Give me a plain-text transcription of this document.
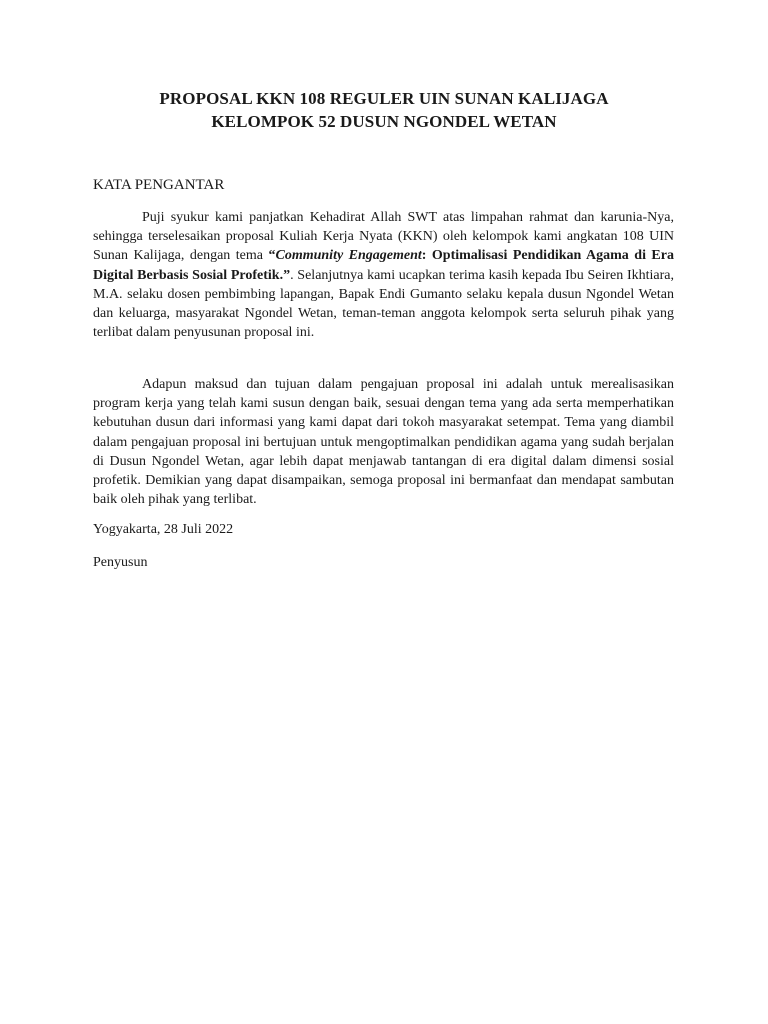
PROPOSAL KKN 108 REGULER UIN SUNAN KALIJAGA
KELOMPOK 52 DUSUN NGONDEL WETAN
KATA PENGANTAR

Puji syukur kami panjatkan Kehadirat Allah SWT atas limpahan rahmat dan karunia-Nya, sehingga terselesaikan proposal Kuliah Kerja Nyata (KKN) oleh kelompok kami angkatan 108 UIN Sunan Kalijaga, dengan tema “Community Engagement: Optimalisasi Pendidikan Agama di Era Digital Berbasis Sosial Profetik.”. Selanjutnya kami ucapkan terima kasih kepada Ibu Seiren Ikhtiara, M.A. selaku dosen pembimbing lapangan, Bapak Endi Gumanto selaku kepala dusun Ngondel Wetan dan keluarga, masyarakat Ngondel Wetan, teman-teman anggota kelompok serta seluruh pihak yang terlibat dalam penyusunan proposal ini.

Adapun maksud dan tujuan dalam pengajuan proposal ini adalah untuk merealisasikan program kerja yang telah kami susun dengan baik, sesuai dengan tema yang ada serta memperhatikan kebutuhan dusun dari informasi yang kami dapat dari tokoh masyarakat setempat. Tema yang diambil dalam pengajuan proposal ini bertujuan untuk mengoptimalkan pendidikan agama yang sudah berjalan di Dusun Ngondel Wetan, agar lebih dapat menjawab tantangan di era digital dalam dimensi sosial profetik. Demikian yang dapat disampaikan, semoga proposal ini bermanfaat dan mendapat sambutan baik oleh pihak yang terlibat.

Yogyakarta, 28 Juli 2022
Penyusun
